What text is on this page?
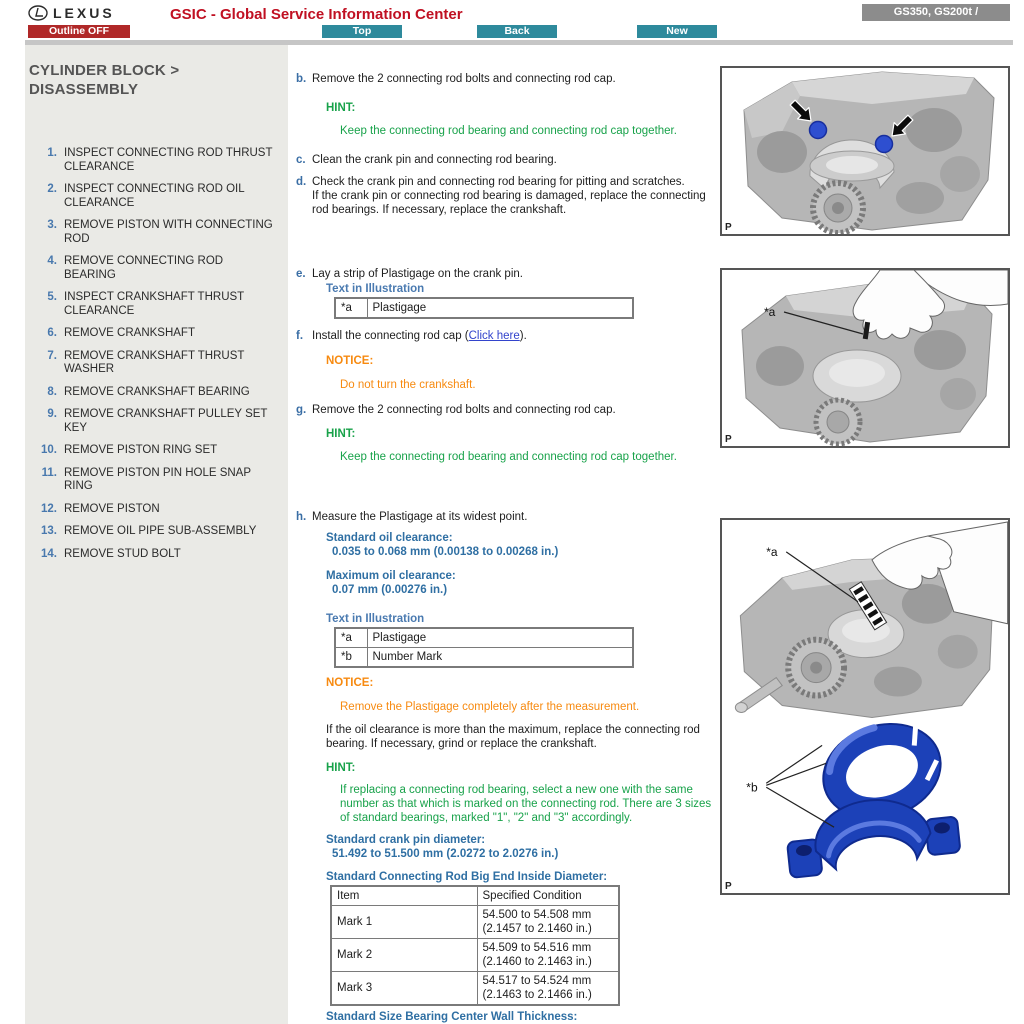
LEXUS	GSIC - Global Service Information Center	GS350, GS200t /
Outline OFF	Top	Back	New
CYLINDER BLOCK > DISASSEMBLY
1. INSPECT CONNECTING ROD THRUST CLEARANCE
2. INSPECT CONNECTING ROD OIL CLEARANCE
3. REMOVE PISTON WITH CONNECTING ROD
4. REMOVE CONNECTING ROD BEARING
5. INSPECT CRANKSHAFT THRUST CLEARANCE
6. REMOVE CRANKSHAFT
7. REMOVE CRANKSHAFT THRUST WASHER
8. REMOVE CRANKSHAFT BEARING
9. REMOVE CRANKSHAFT PULLEY SET KEY
10. REMOVE PISTON RING SET
11. REMOVE PISTON PIN HOLE SNAP RING
12. REMOVE PISTON
13. REMOVE OIL PIPE SUB-ASSEMBLY
14. REMOVE STUD BOLT
b. Remove the 2 connecting rod bolts and connecting rod cap.
HINT:
Keep the connecting rod bearing and connecting rod cap together.
c. Clean the crank pin and connecting rod bearing.
d. Check the crank pin and connecting rod bearing for pitting and scratches.
If the crank pin or connecting rod bearing is damaged, replace the connecting rod bearings. If necessary, replace the crankshaft.
e. Lay a strip of Plastigage on the crank pin.
Text in Illustration
*a	Plastigage
f. Install the connecting rod cap (Click here).
NOTICE:
Do not turn the crankshaft.
g. Remove the 2 connecting rod bolts and connecting rod cap.
HINT:
Keep the connecting rod bearing and connecting rod cap together.
h. Measure the Plastigage at its widest point.
Standard oil clearance:
0.035 to 0.068 mm (0.00138 to 0.00268 in.)
Maximum oil clearance:
0.07 mm (0.00276 in.)
Text in Illustration
*a	Plastigage
*b	Number Mark
NOTICE:
Remove the Plastigage completely after the measurement.
If the oil clearance is more than the maximum, replace the connecting rod bearing. If necessary, grind or replace the crankshaft.
HINT:
If replacing a connecting rod bearing, select a new one with the same number as that which is marked on the connecting rod. There are 3 sizes of standard bearings, marked "1", "2" and "3" accordingly.
Standard crank pin diameter:
51.492 to 51.500 mm (2.0272 to 2.0276 in.)
Standard Connecting Rod Big End Inside Diameter:
Item	Specified Condition
Mark 1	54.500 to 54.508 mm (2.1457 to 2.1460 in.)
Mark 2	54.509 to 54.516 mm (2.1460 to 2.1463 in.)
Mark 3	54.517 to 54.524 mm (2.1463 to 2.1466 in.)
Standard Size Bearing Center Wall Thickness:
P
*a
P
*a
*b
P
